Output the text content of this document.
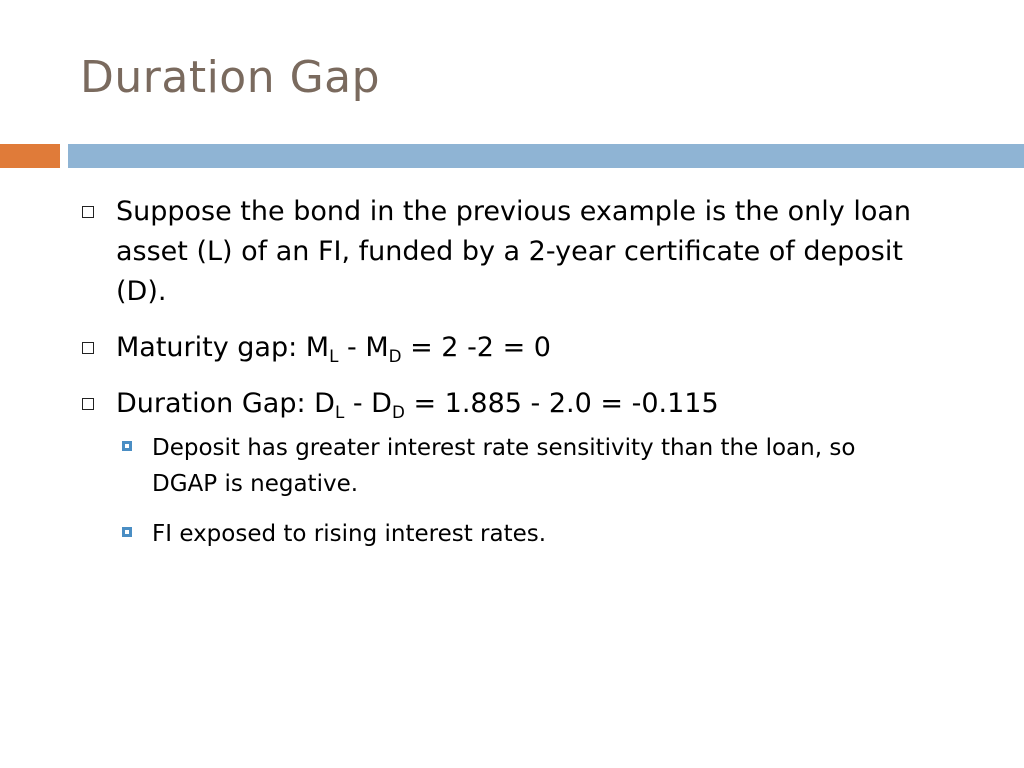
Duration Gap
Suppose the bond in the previous example is the only loan asset (L) of an FI, funded by a 2-year certificate of deposit (D).
Maturity gap: $M_L - M_D = 2$ -2 = 0
Duration Gap: $D_L - D_D = 1.885 - 2.0 = -0.115$
Deposit has greater interest rate sensitivity than the loan, so DGAP is negative.
FI exposed to rising interest rates.
